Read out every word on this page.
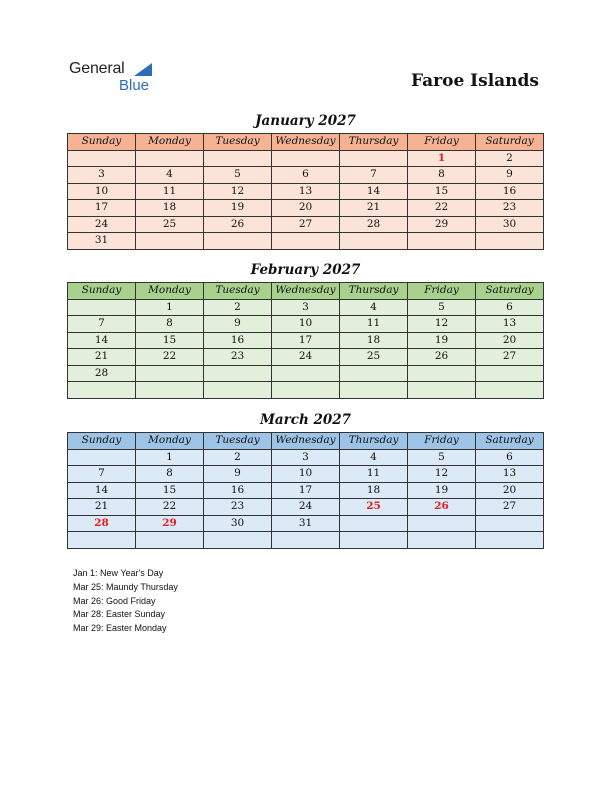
General
Blue	Faroe Islands
January 2027
Sunday	Monday	Tuesday	Wednesday	Thursday	Friday	Saturday
					1	2
3	4	5	6	7	8	9
10	11	12	13	14	15	16
17	18	19	20	21	22	23
24	25	26	27	28	29	30
31						
February 2027
Sunday	Monday	Tuesday	Wednesday	Thursday	Friday	Saturday
	1	2	3	4	5	6
7	8	9	10	11	12	13
14	15	16	17	18	19	20
21	22	23	24	25	26	27
28						

March 2027
Sunday	Monday	Tuesday	Wednesday	Thursday	Friday	Saturday
	1	2	3	4	5	6
7	8	9	10	11	12	13
14	15	16	17	18	19	20
21	22	23	24	25	26	27
28	29	30	31			

Jan 1: New Year's Day
Mar 25: Maundy Thursday
Mar 26: Good Friday
Mar 28: Easter Sunday
Mar 29: Easter Monday
